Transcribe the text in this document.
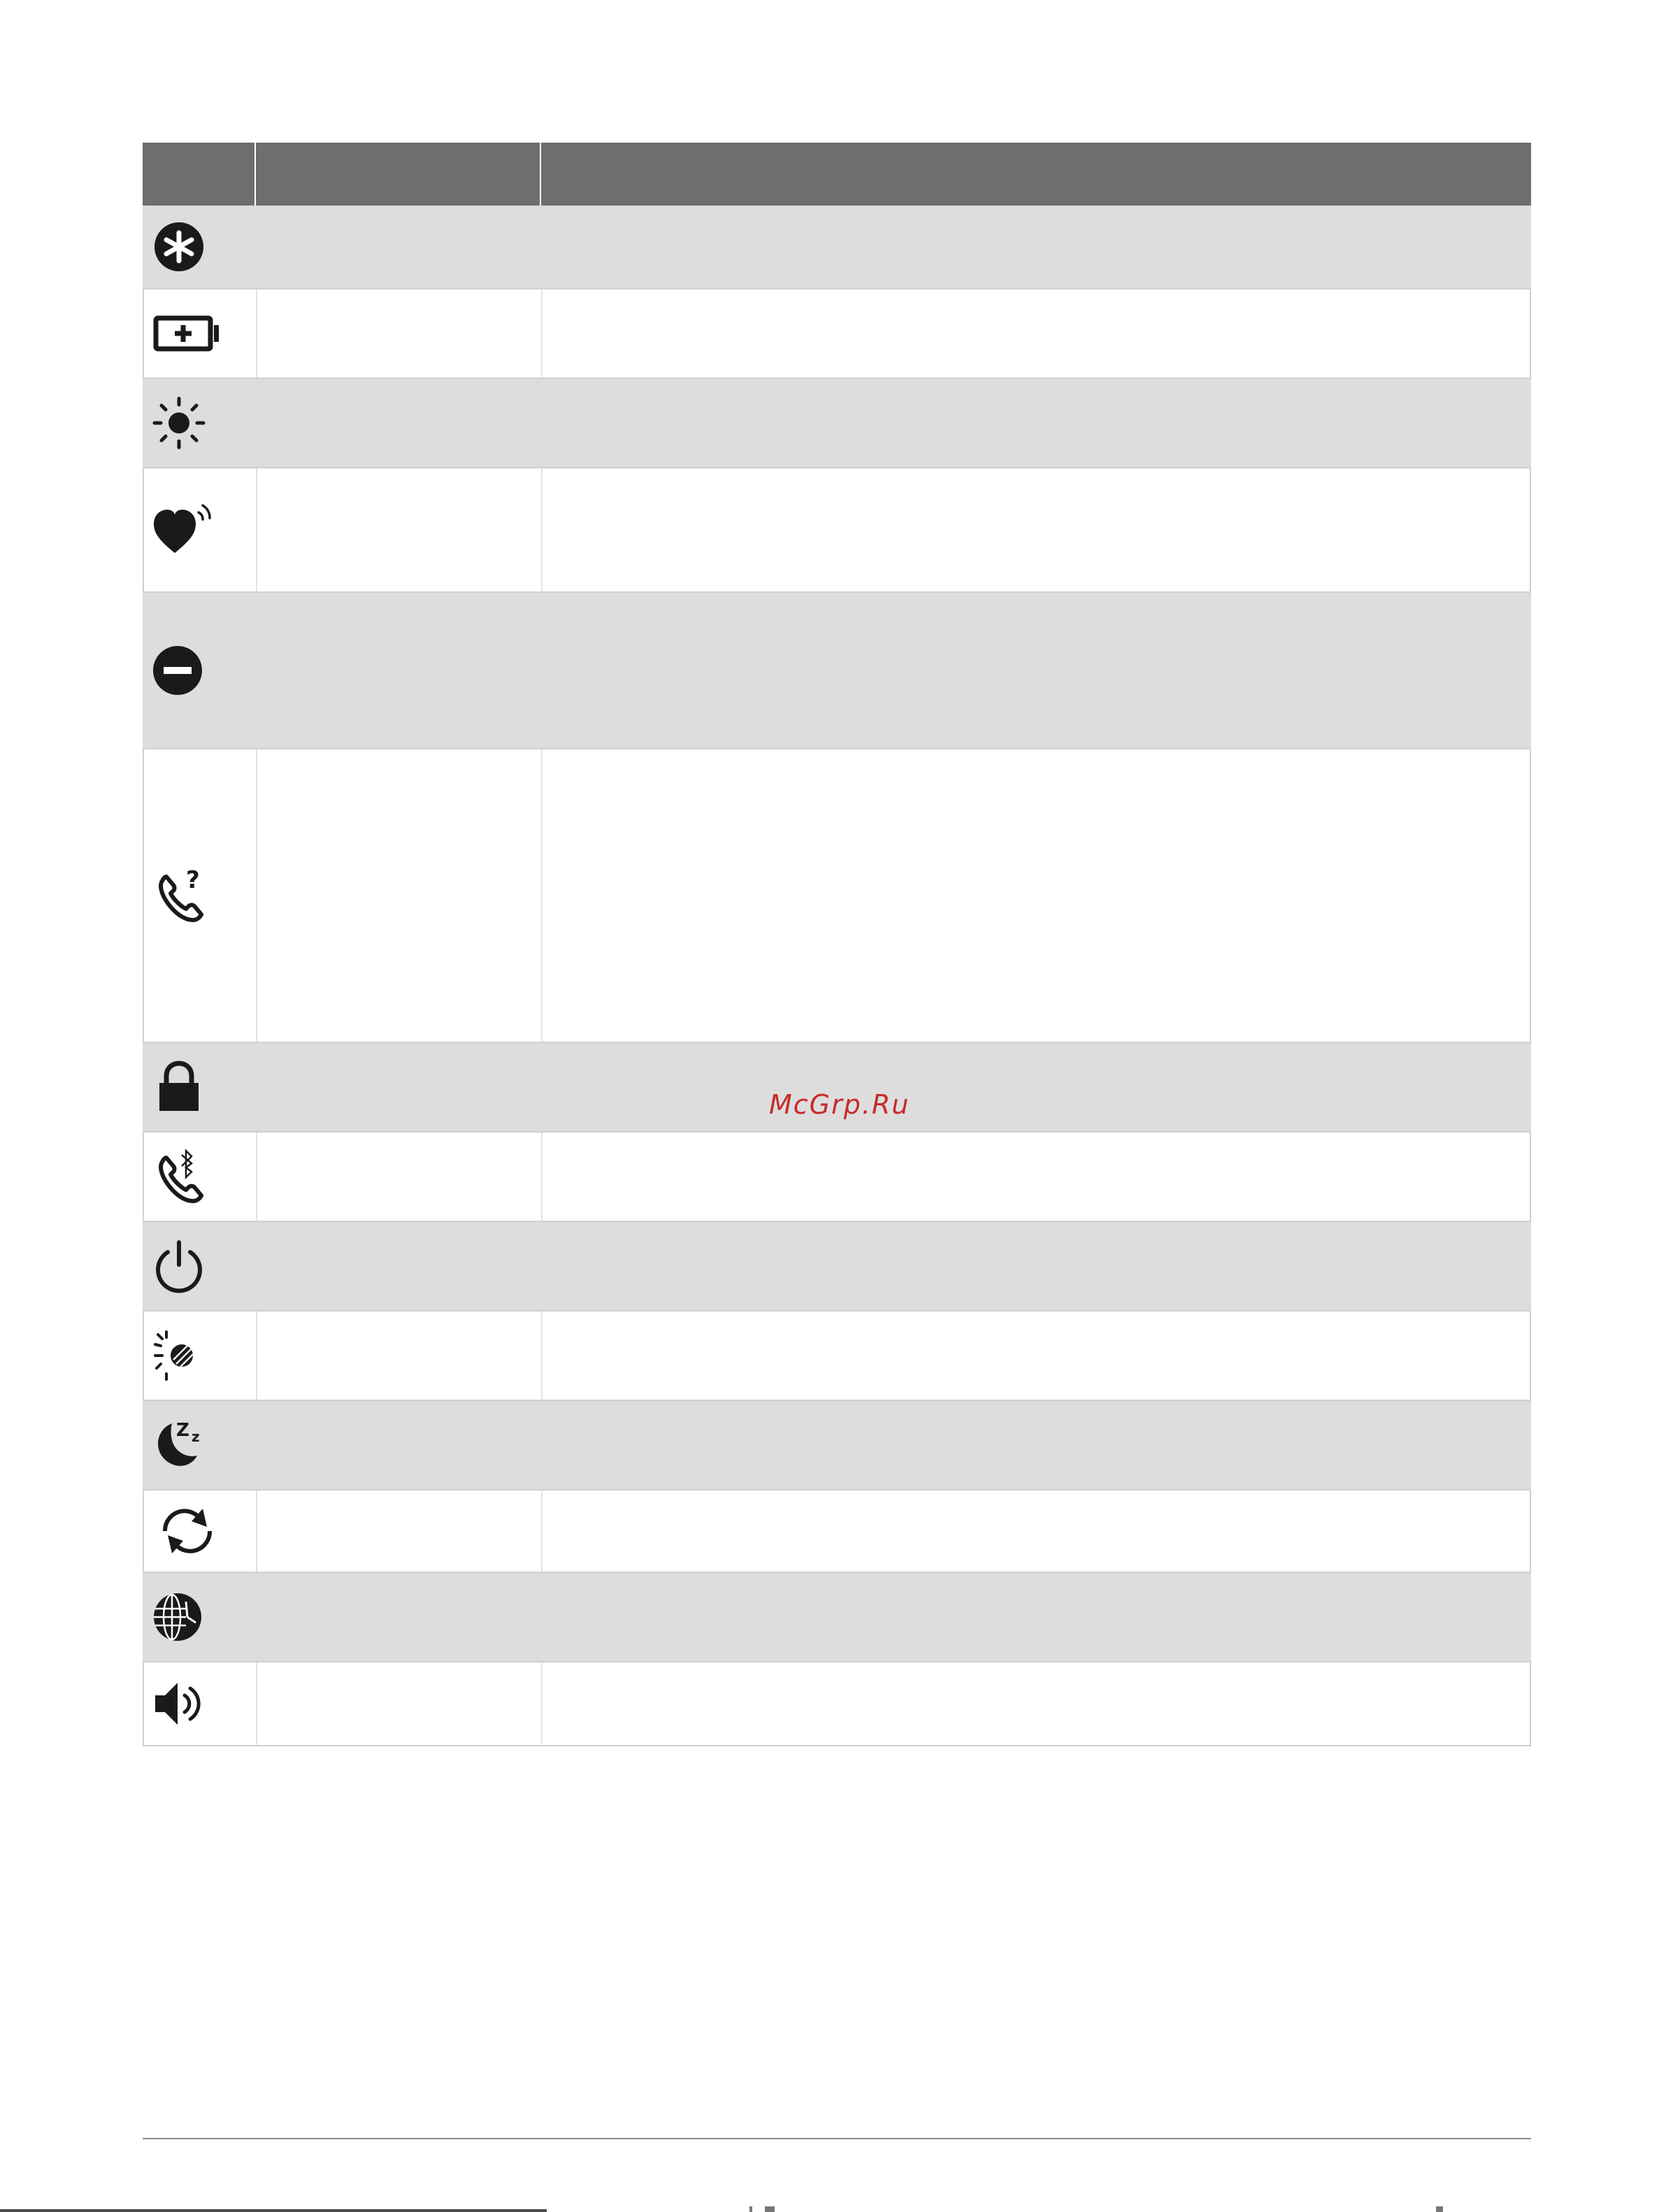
?
Z z
McGrp.Ru
